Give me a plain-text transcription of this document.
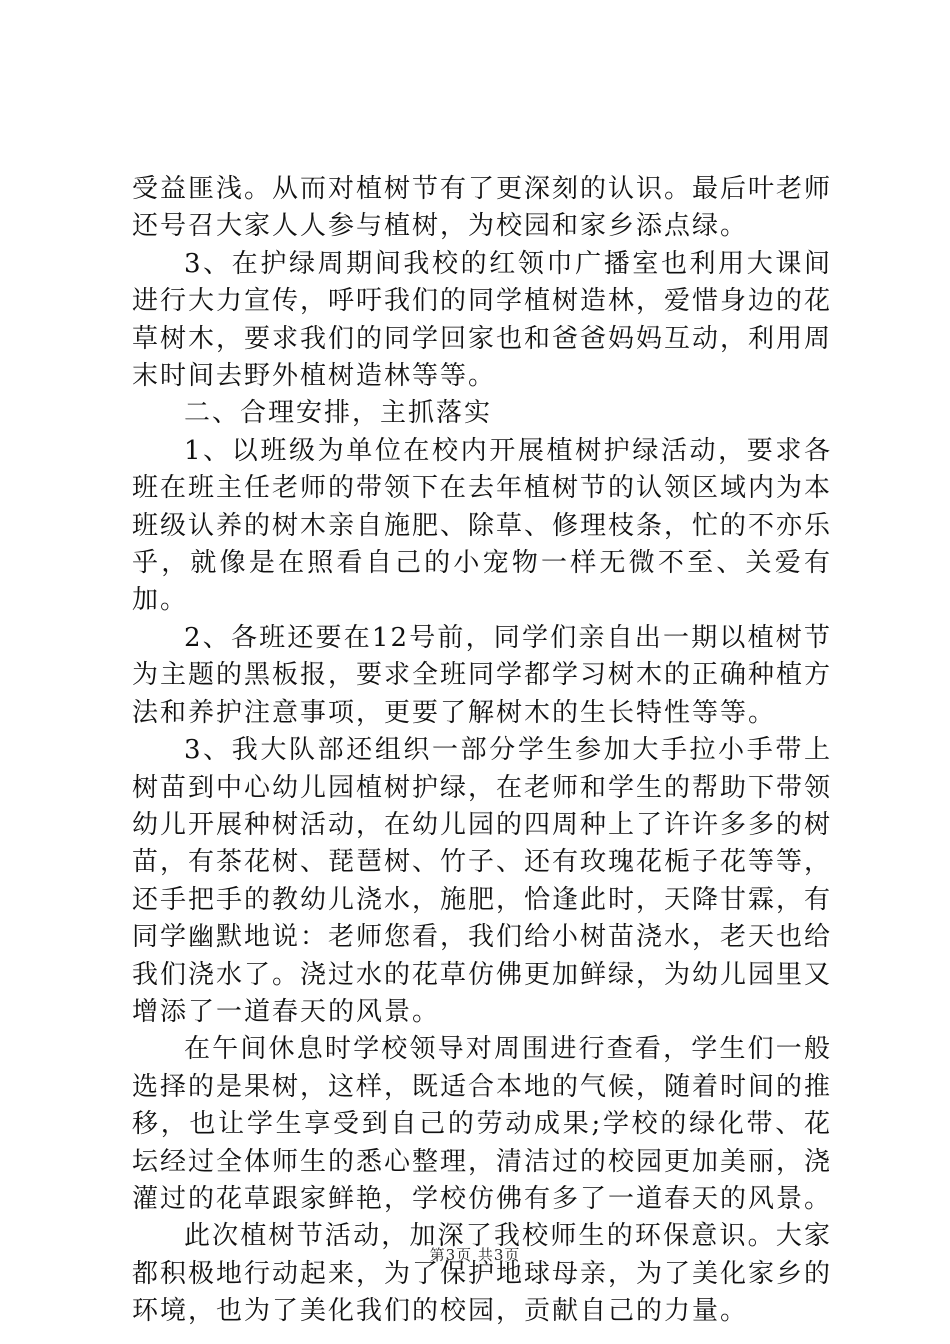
受益匪浅。从而对植树节有了更深刻的认识。最后叶老师还号召大家人人参与植树，为校园和家乡添点绿。

3、在护绿周期间我校的红领巾广播室也利用大课间进行大力宣传，呼吁我们的同学植树造林，爱惜身边的花草树木，要求我们的同学回家也和爸爸妈妈互动，利用周末时间去野外植树造林等等。

二、合理安排，主抓落实

1、以班级为单位在校内开展植树护绿活动，要求各班在班主任老师的带领下在去年植树节的认领区域内为本班级认养的树木亲自施肥、除草、修理枝条，忙的不亦乐乎，就像是在照看自己的小宠物一样无微不至、关爱有加。

2、各班还要在12号前，同学们亲自出一期以植树节为主题的黑板报，要求全班同学都学习树木的正确种植方法和养护注意事项，更要了解树木的生长特性等等。

3、我大队部还组织一部分学生参加大手拉小手带上树苗到中心幼儿园植树护绿，在老师和学生的帮助下带领幼儿开展种树活动，在幼儿园的四周种上了许许多多的树苗，有茶花树、琵琶树、竹子、还有玫瑰花栀子花等等，还手把手的教幼儿浇水，施肥，恰逢此时，天降甘霖，有同学幽默地说：老师您看，我们给小树苗浇水，老天也给我们浇水了。浇过水的花草仿佛更加鲜绿，为幼儿园里又增添了一道春天的风景。

在午间休息时学校领导对周围进行查看，学生们一般选择的是果树，这样，既适合本地的气候，随着时间的推移，也让学生享受到自己的劳动成果;学校的绿化带、花坛经过全体师生的悉心整理，清洁过的校园更加美丽，浇灌过的花草跟家鲜艳，学校仿佛有多了一道春天的风景。

此次植树节活动，加深了我校师生的环保意识。大家都积极地行动起来，为了保护地球母亲，为了美化家乡的环境，也为了美化我们的校园，贡献自己的力量。

第3页 共3页
